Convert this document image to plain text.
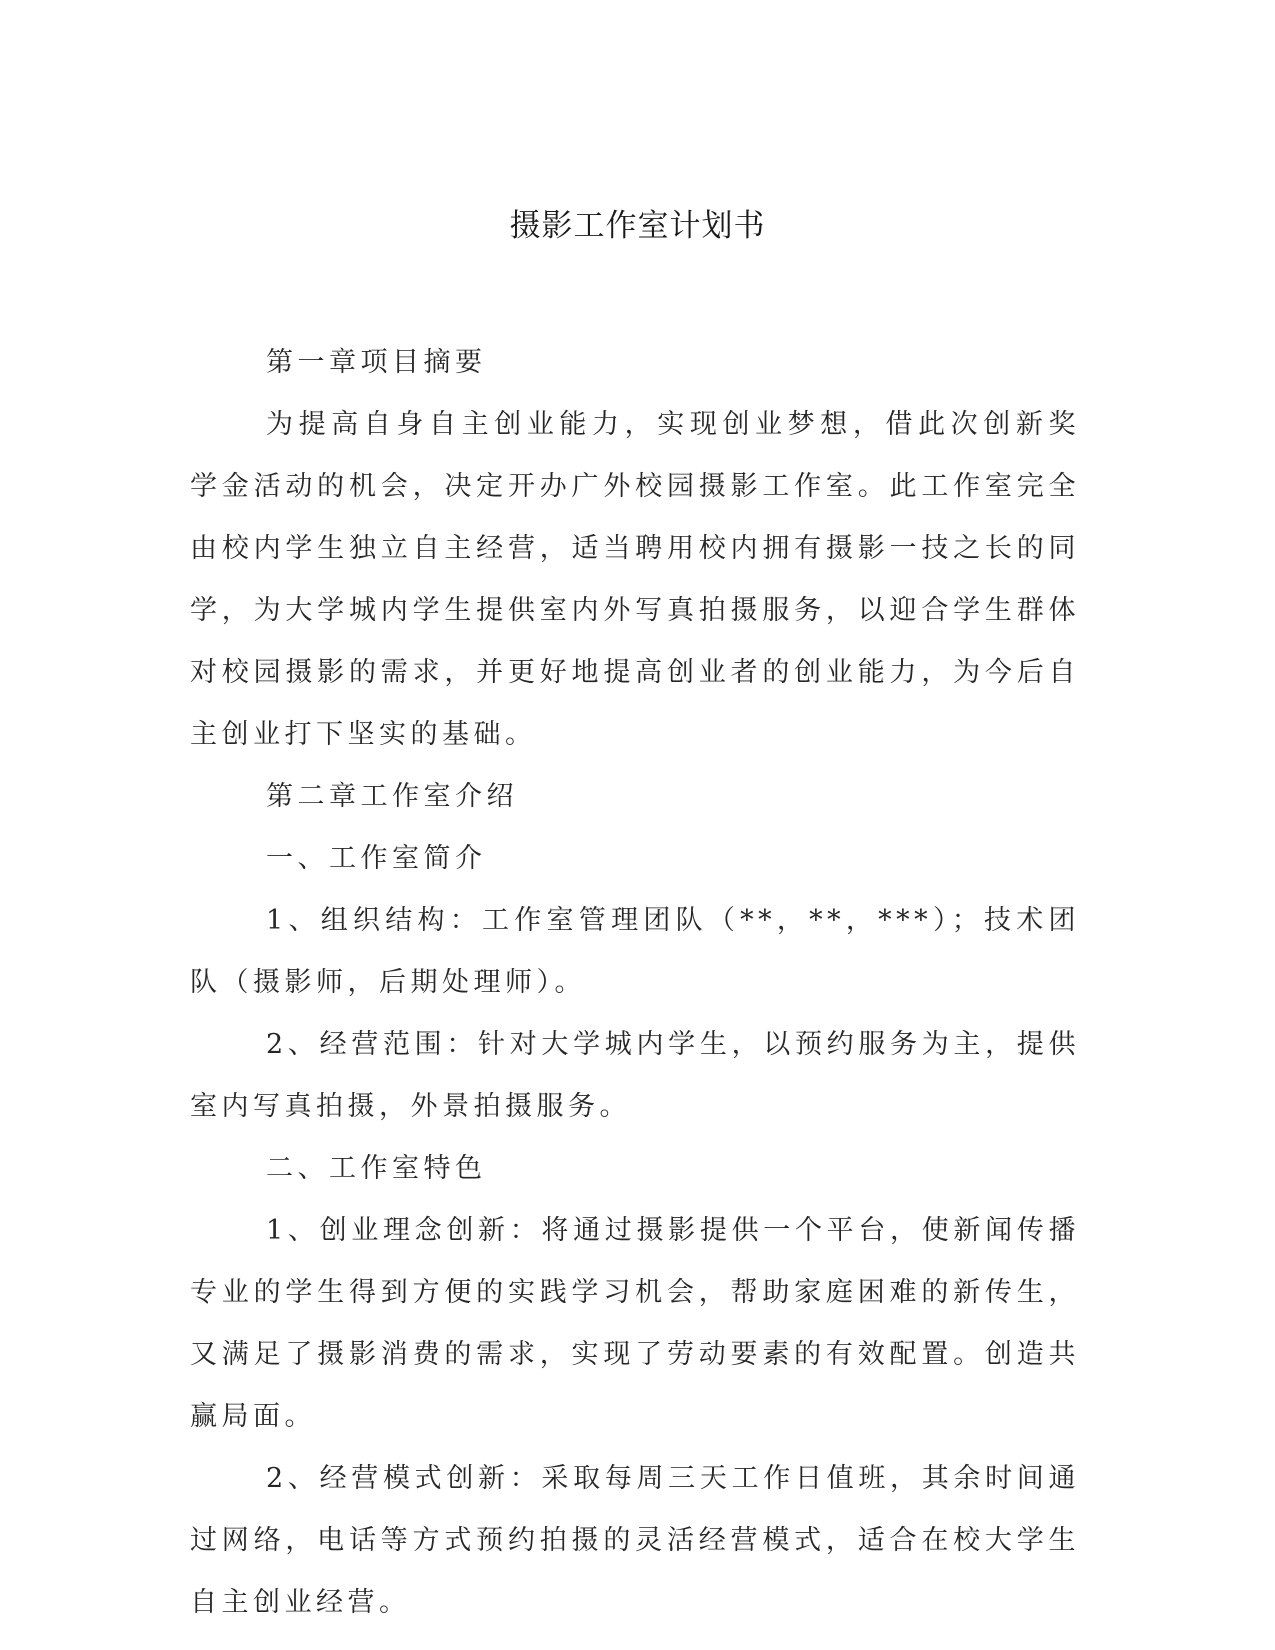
摄影工作室计划书

第一章项目摘要

为提高自身自主创业能力，实现创业梦想，借此次创新奖学金活动的机会，决定开办广外校园摄影工作室。此工作室完全由校内学生独立自主经营，适当聘用校内拥有摄影一技之长的同学，为大学城内学生提供室内外写真拍摄服务，以迎合学生群体对校园摄影的需求，并更好地提高创业者的创业能力，为今后自主创业打下坚实的基础。

第二章工作室介绍

一、工作室简介

1、组织结构：工作室管理团队（**，**，***）；技术团队（摄影师，后期处理师）。

2、经营范围：针对大学城内学生，以预约服务为主，提供室内写真拍摄，外景拍摄服务。

二、工作室特色

1、创业理念创新：将通过摄影提供一个平台，使新闻传播专业的学生得到方便的实践学习机会，帮助家庭困难的新传生，又满足了摄影消费的需求，实现了劳动要素的有效配置。创造共赢局面。

2、经营模式创新：采取每周三天工作日值班，其余时间通过网络，电话等方式预约拍摄的灵活经营模式，适合在校大学生自主创业经营。
